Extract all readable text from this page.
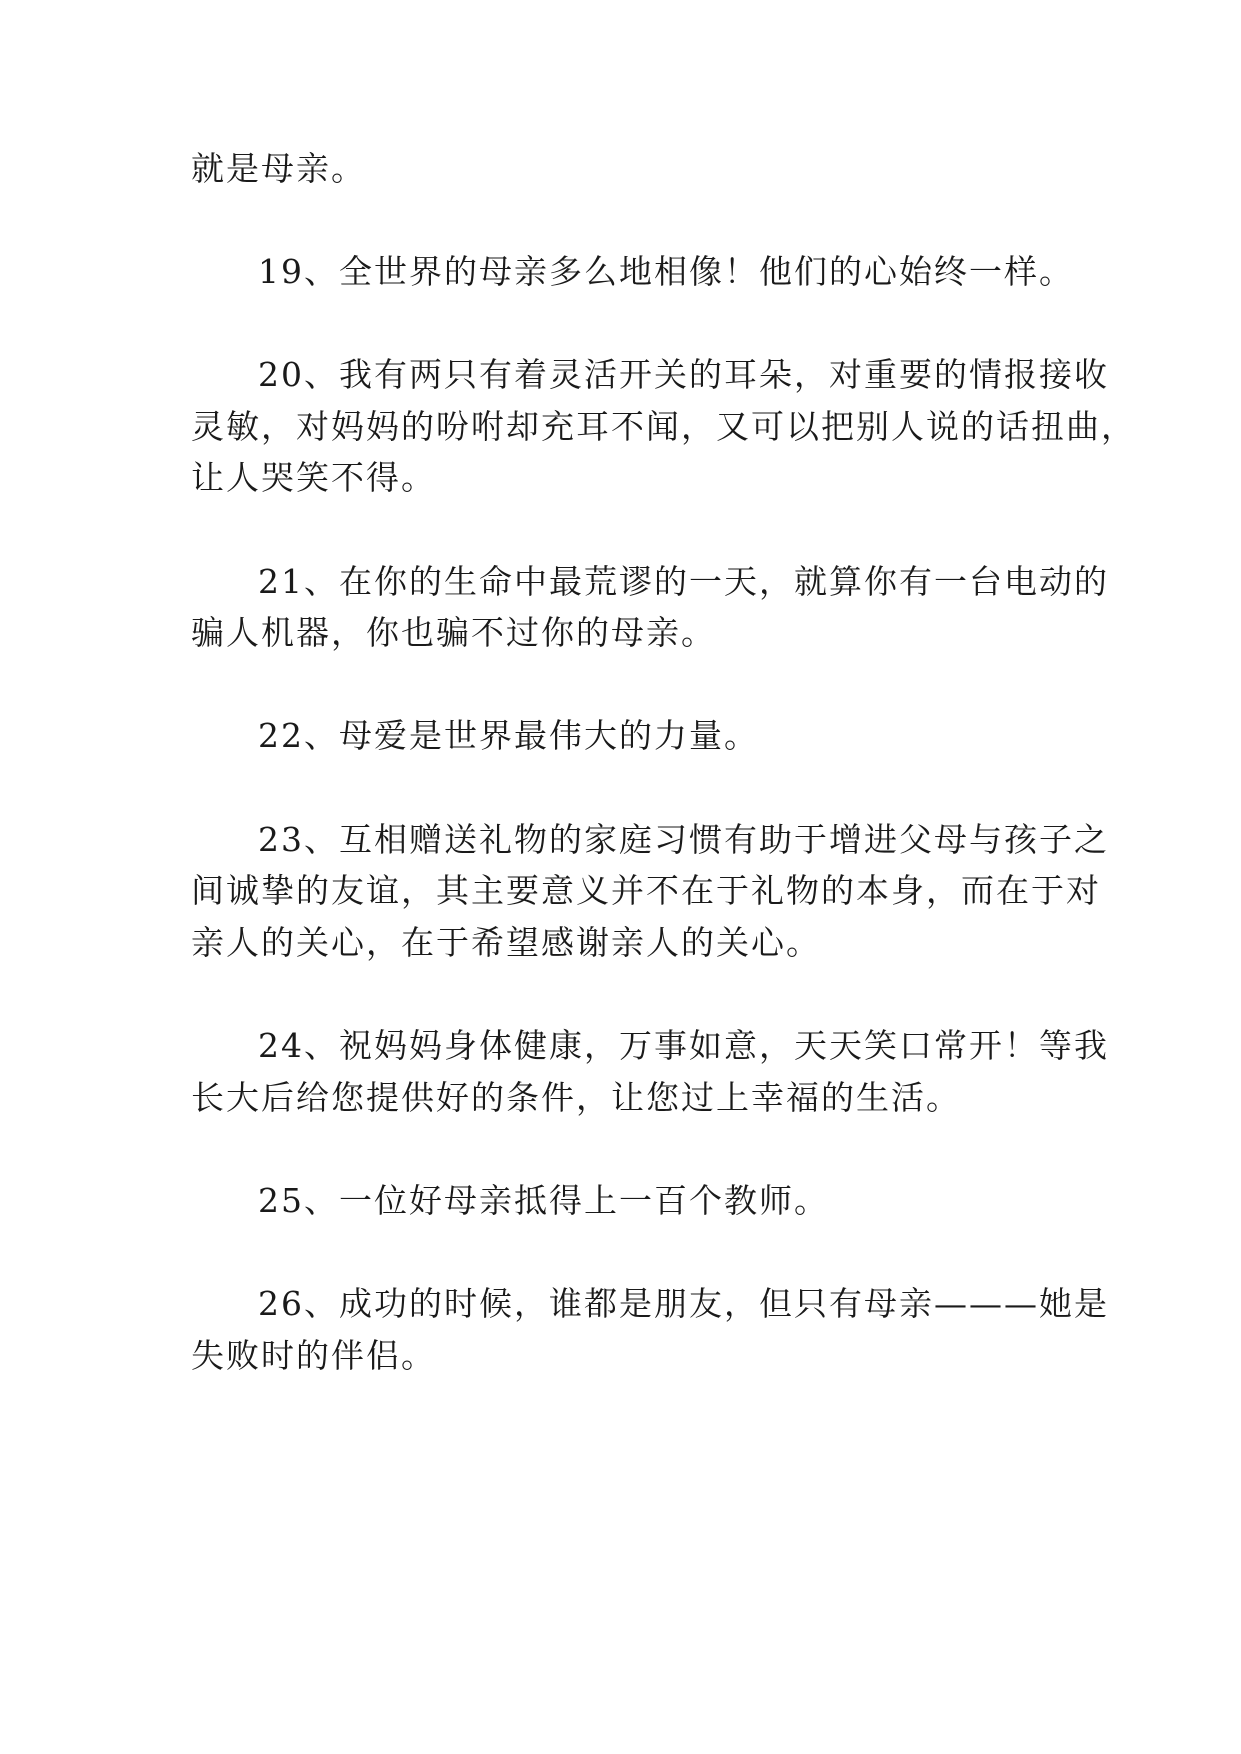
就是母亲。
19、全世界的母亲多么地相像！他们的心始终一样。
20、我有两只有着灵活开关的耳朵，对重要的情报接收
灵敏，对妈妈的吩咐却充耳不闻，又可以把别人说的话扭曲，
让人哭笑不得。
21、在你的生命中最荒谬的一天，就算你有一台电动的
骗人机器，你也骗不过你的母亲。
22、母爱是世界最伟大的力量。
23、互相赠送礼物的家庭习惯有助于增进父母与孩子之
间诚挚的友谊，其主要意义并不在于礼物的本身，而在于对
亲人的关心，在于希望感谢亲人的关心。
24、祝妈妈身体健康，万事如意，天天笑口常开！等我
长大后给您提供好的条件，让您过上幸福的生活。
25、一位好母亲抵得上一百个教师。
26、成功的时候，谁都是朋友，但只有母亲———她是
失败时的伴侣。
